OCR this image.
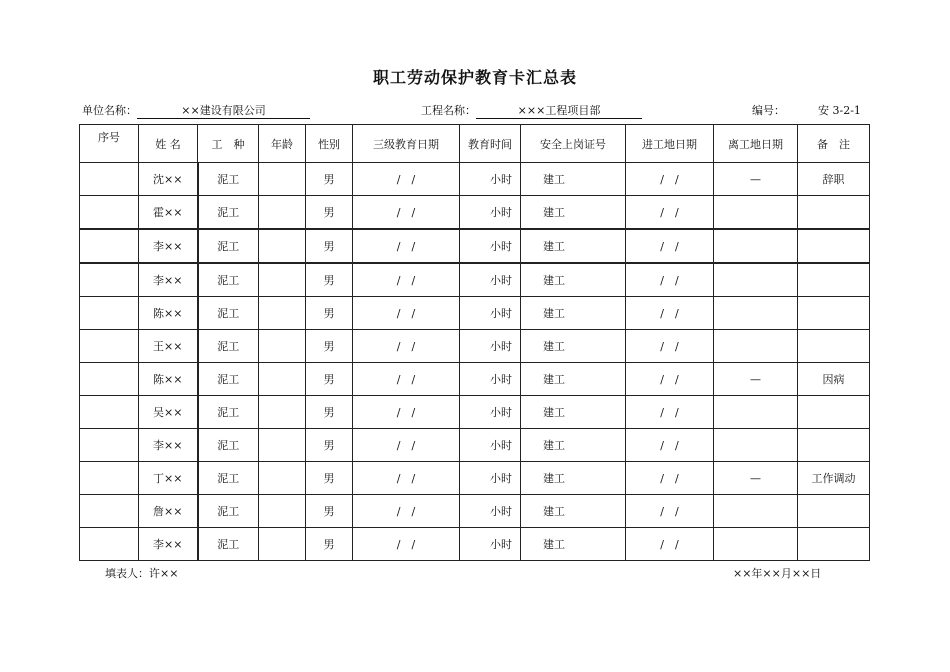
职工劳动保护教育卡汇总表
单位名称：	××建设有限公司	工程名称：	×××工程项目部	编号：	安 3-2-1
序号	姓 名	工　种	年龄	性别	三级教育日期	教育时间	安全上岗证号	进工地日期	离工地日期	备　注
	沈××	泥工		男	/　/	小时	建工	/　/	—	辞职
	霍××	泥工		男	/　/	小时	建工	/　/		
	李××	泥工		男	/　/	小时	建工	/　/		
	李××	泥工		男	/　/	小时	建工	/　/		
	陈××	泥工		男	/　/	小时	建工	/　/		
	王××	泥工		男	/　/	小时	建工	/　/		
	陈××	泥工		男	/　/	小时	建工	/　/	—	因病
	吴××	泥工		男	/　/	小时	建工	/　/		
	李××	泥工		男	/　/	小时	建工	/　/		
	丁××	泥工		男	/　/	小时	建工	/　/	—	工作调动
	詹××	泥工		男	/　/	小时	建工	/　/		
	李××	泥工		男	/　/	小时	建工	/　/		
填表人：许××	××年××月××日
